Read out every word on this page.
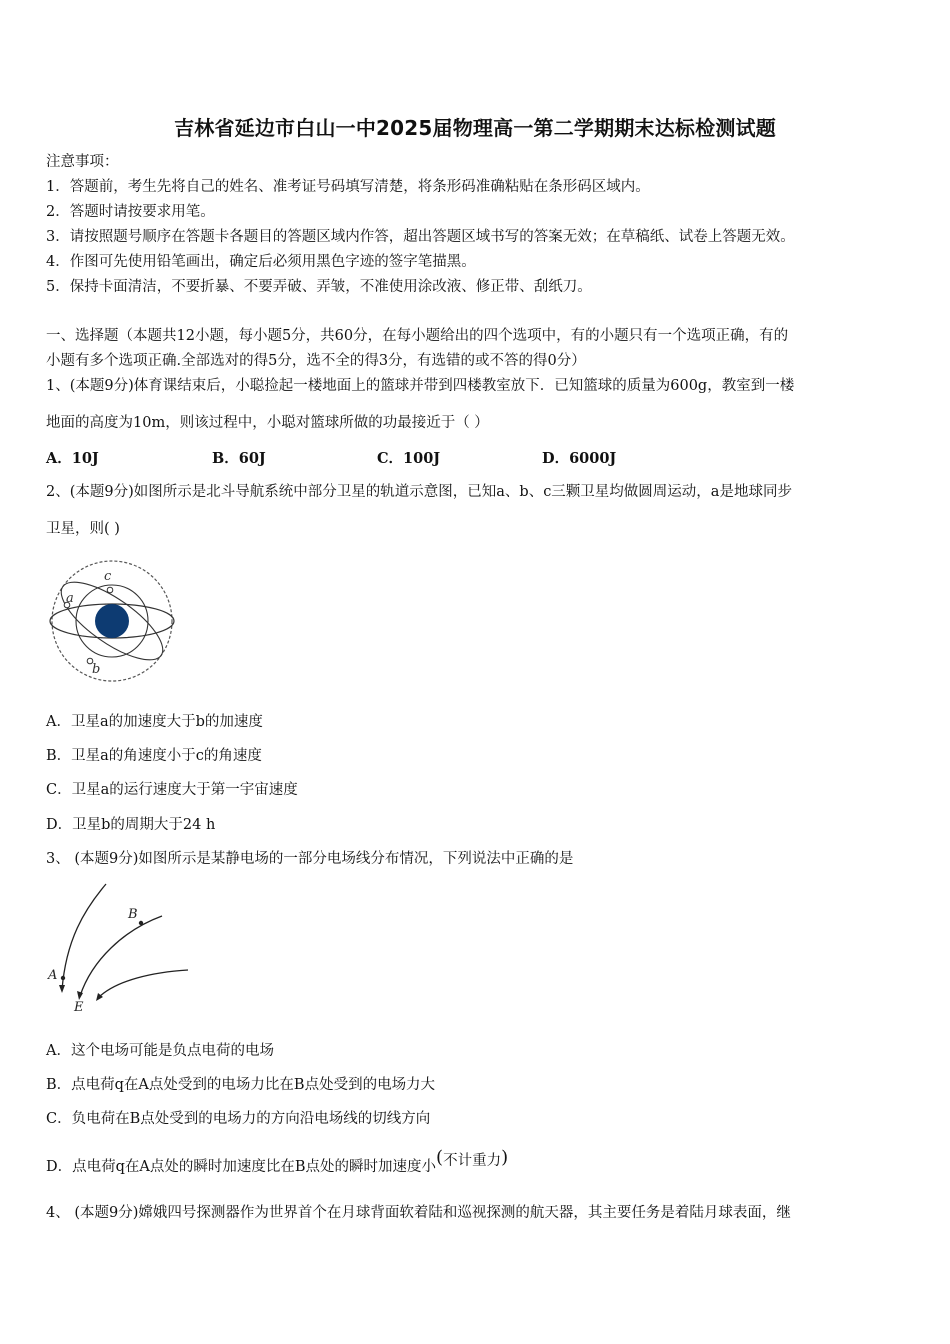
吉林省延边市白山一中2025届物理高一第二学期期末达标检测试题
注意事项：
1．答题前，考生先将自己的姓名、准考证号码填写清楚，将条形码准确粘贴在条形码区域内。
2．答题时请按要求用笔。
3．请按照题号顺序在答题卡各题目的答题区域内作答，超出答题区域书写的答案无效；在草稿纸、试卷上答题无效。
4．作图可先使用铅笔画出，确定后必须用黑色字迹的签字笔描黑。
5．保持卡面清洁，不要折暴、不要弄破、弄皱，不准使用涂改液、修正带、刮纸刀。
一、选择题（本题共12小题，每小题5分，共60分，在每小题给出的四个选项中，有的小题只有一个选项正确，有的
小题有多个选项正确.全部选对的得5分，选不全的得3分，有选错的或不答的得0分）
1、(本题9分)体育课结束后，小聪捡起一楼地面上的篮球并带到四楼教室放下．已知篮球的质量为600g，教室到一楼
地面的高度为10m，则该过程中，小聪对篮球所做的功最接近于（ ）
A．10J	B．60J	C．100J	D．6000J
2、(本题9分)如图所示是北斗导航系统中部分卫星的轨道示意图，已知a、b、c三颗卫星均做圆周运动，a是地球同步
卫星，则( )
a
c
b
A．卫星a的加速度大于b的加速度
B．卫星a的角速度小于c的角速度
C．卫星a的运行速度大于第一宇宙速度
D．卫星b的周期大于24 h
3、 (本题9分)如图所示是某静电场的一部分电场线分布情况，下列说法中正确的是
A
B
E
A．这个电场可能是负点电荷的电场
B．点电荷q在A点处受到的电场力比在B点处受到的电场力大
C．负电荷在B点处受到的电场力的方向沿电场线的切线方向
D．点电荷q在A点处的瞬时加速度比在B点处的瞬时加速度小(不计重力)
4、 (本题9分)嫦娥四号探测器作为世界首个在月球背面软着陆和巡视探测的航天器，其主要任务是着陆月球表面，继
